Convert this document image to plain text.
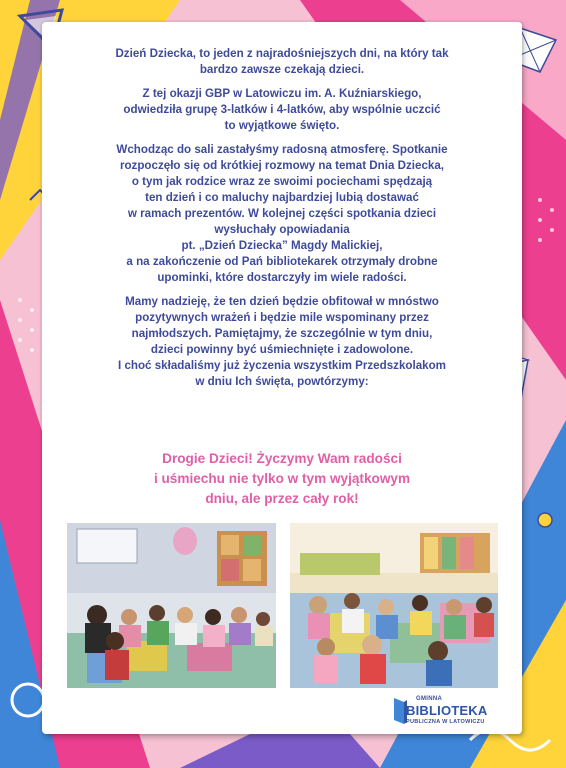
Dzień Dziecka, to jeden z najradośniejszych dni, na który tak
bardzo zawsze czekają dzieci.

Z tej okazji GBP w Latowiczu im. A. Kuźniarskiego,
odwiedziła grupę 3-latków i 4-latków, aby wspólnie uczcić
to wyjątkowe święto.

Wchodząc do sali zastałyśmy radosną atmosferę. Spotkanie
rozpoczęło się od krótkiej rozmowy na temat Dnia Dziecka,
o tym jak rodzice wraz ze swoimi pociechami spędzają
ten dzień i co maluchy najbardziej lubią dostawać
w ramach prezentów. W kolejnej części spotkania dzieci
wysłuchały opowiadania
pt. „Dzień Dziecka” Magdy Malickiej,
a na zakończenie od Pań bibliotekarek otrzymały drobne
upominki, które dostarczyły im wiele radości.

Mamy nadzieję, że ten dzień będzie obfitował w mnóstwo
pozytywnych wrażeń i będzie mile wspominany przez
najmłodszych. Pamiętajmy, że szczególnie w tym dniu,
dzieci powinny być uśmiechnięte i zadowolone.
I choć składaliśmy już życzenia wszystkim Przedszkolakom
w dniu Ich święta, powtórzymy:

Drogie Dzieci! Życzymy Wam radości
i uśmiechu nie tylko w tym wyjątkowym
dniu, ale przez cały rok!
GMINNA
BIBLIOTEKA
PUBLICZNA W LATOWICZU
